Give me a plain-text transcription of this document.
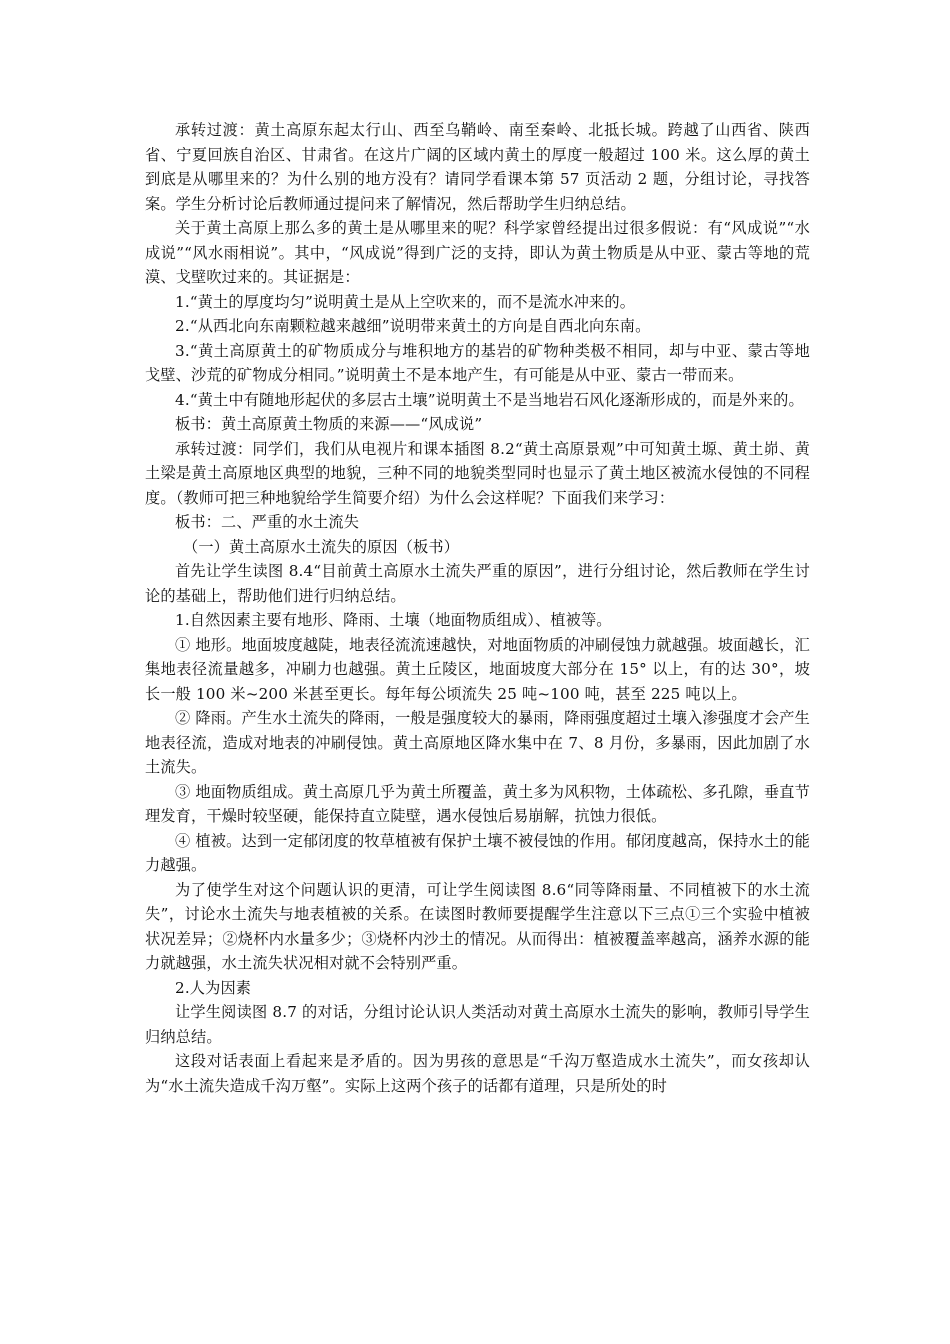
承转过渡：黄土高原东起太行山、西至乌鞘岭、南至秦岭、北抵长城。跨越了山西省、陕西省、宁夏回族自治区、甘肃省。在这片广阔的区域内黄土的厚度一般超过 100 米。这么厚的黄土到底是从哪里来的？为什么别的地方没有？请同学看课本第 57 页活动 2 题，分组讨论，寻找答案。学生分析讨论后教师通过提问来了解情况，然后帮助学生归纳总结。

关于黄土高原上那么多的黄土是从哪里来的呢？科学家曾经提出过很多假说：有“风成说”“水成说”“风水雨相说”。其中，“风成说”得到广泛的支持，即认为黄土物质是从中亚、蒙古等地的荒漠、戈壁吹过来的。其证据是：

1.“黄土的厚度均匀”说明黄土是从上空吹来的，而不是流水冲来的。

2.“从西北向东南颗粒越来越细”说明带来黄土的方向是自西北向东南。

3.“黄土高原黄土的矿物质成分与堆积地方的基岩的矿物种类极不相同，却与中亚、蒙古等地戈壁、沙荒的矿物成分相同。”说明黄土不是本地产生，有可能是从中亚、蒙古一带而来。

4.“黄土中有随地形起伏的多层古土壤”说明黄土不是当地岩石风化逐渐形成的，而是外来的。

板书：黄土高原黄土物质的来源——“风成说”

承转过渡：同学们，我们从电视片和课本插图 8.2“黄土高原景观”中可知黄土塬、黄土峁、黄土梁是黄土高原地区典型的地貌，三种不同的地貌类型同时也显示了黄土地区被流水侵蚀的不同程度。（教师可把三种地貌给学生简要介绍）为什么会这样呢？下面我们来学习：

板书：二、严重的水土流失

（一）黄土高原水土流失的原因（板书）

首先让学生读图 8.4“目前黄土高原水土流失严重的原因”，进行分组讨论，然后教师在学生讨论的基础上，帮助他们进行归纳总结。

1.自然因素主要有地形、降雨、土壤（地面物质组成）、植被等。

① 地形。地面坡度越陡，地表径流流速越快，对地面物质的冲刷侵蚀力就越强。坡面越长，汇集地表径流量越多，冲刷力也越强。黄土丘陵区，地面坡度大部分在 15° 以上，有的达 30°，坡长一般 100 米~200 米甚至更长。每年每公顷流失 25 吨~100 吨，甚至 225 吨以上。

② 降雨。产生水土流失的降雨，一般是强度较大的暴雨，降雨强度超过土壤入渗强度才会产生地表径流，造成对地表的冲刷侵蚀。黄土高原地区降水集中在 7、8 月份，多暴雨，因此加剧了水土流失。

③ 地面物质组成。黄土高原几乎为黄土所覆盖，黄土多为风积物，土体疏松、多孔隙，垂直节理发育，干燥时较坚硬，能保持直立陡壁，遇水侵蚀后易崩解，抗蚀力很低。

④ 植被。达到一定郁闭度的牧草植被有保护土壤不被侵蚀的作用。郁闭度越高，保持水土的能力越强。

为了使学生对这个问题认识的更清，可让学生阅读图 8.6“同等降雨量、不同植被下的水土流失”，讨论水土流失与地表植被的关系。在读图时教师要提醒学生注意以下三点①三个实验中植被状况差异；②烧杯内水量多少；③烧杯内沙土的情况。从而得出：植被覆盖率越高，涵养水源的能力就越强，水土流失状况相对就不会特别严重。

2.人为因素

让学生阅读图 8.7 的对话，分组讨论认识人类活动对黄土高原水土流失的影响，教师引导学生归纳总结。

这段对话表面上看起来是矛盾的。因为男孩的意思是“千沟万壑造成水土流失”，而女孩却认为“水土流失造成千沟万壑”。实际上这两个孩子的话都有道理，只是所处的时
